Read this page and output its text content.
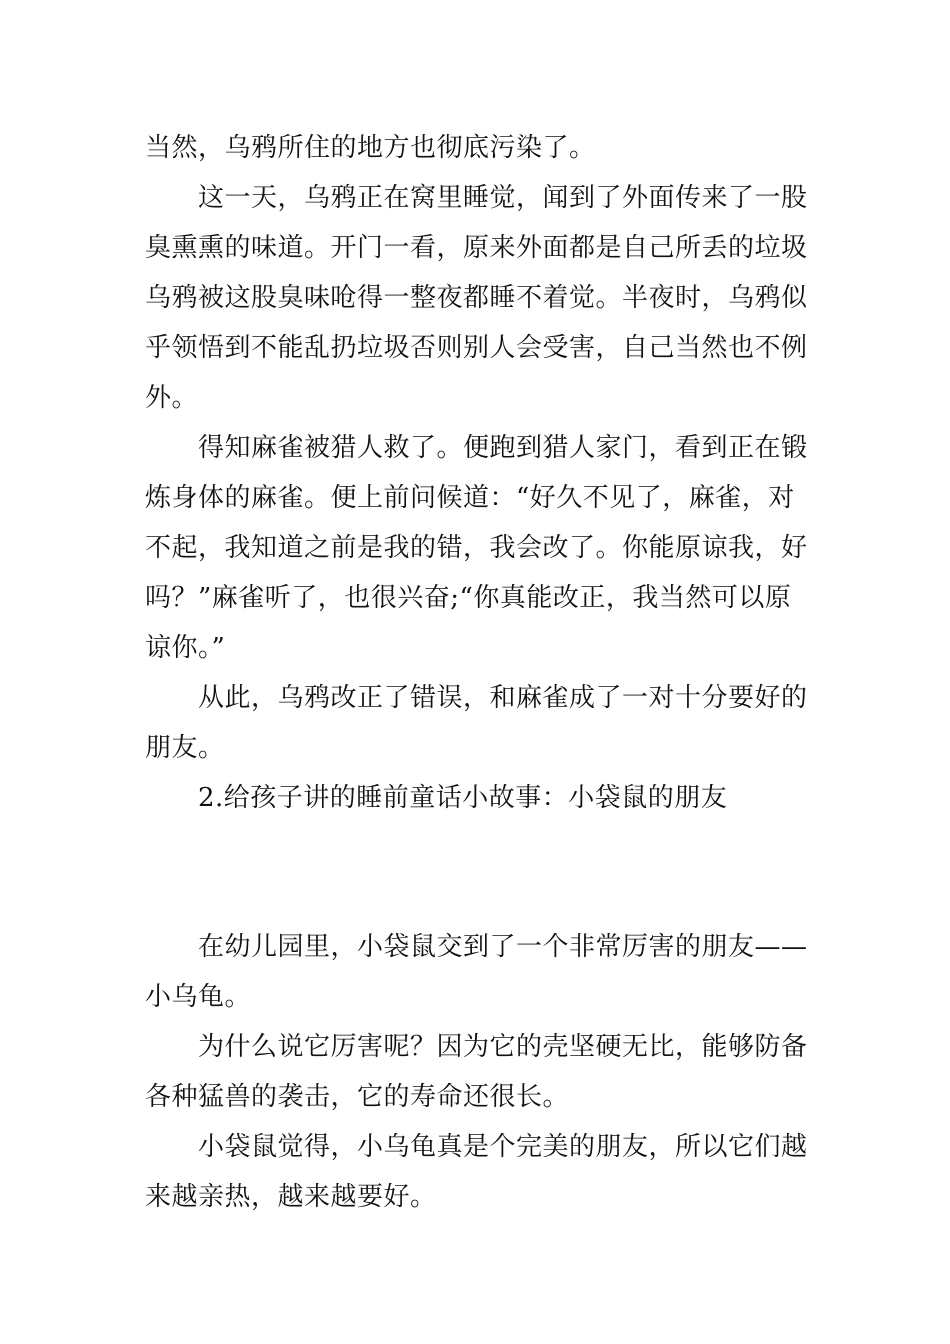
当然，乌鸦所住的地方也彻底污染了。
这一天，乌鸦正在窝里睡觉，闻到了外面传来了一股
臭熏熏的味道。开门一看，原来外面都是自己所丢的垃圾
乌鸦被这股臭味呛得一整夜都睡不着觉。半夜时，乌鸦似
乎领悟到不能乱扔垃圾否则别人会受害，自己当然也不例
外。
得知麻雀被猎人救了。便跑到猎人家门，看到正在锻
炼身体的麻雀。便上前问候道：“好久不见了，麻雀，对
不起，我知道之前是我的错，我会改了。你能原谅我，好
吗？”麻雀听了，也很兴奋;“你真能改正，我当然可以原
谅你。”
从此，乌鸦改正了错误，和麻雀成了一对十分要好的
朋友。
2.给孩子讲的睡前童话小故事：小袋鼠的朋友
在幼儿园里，小袋鼠交到了一个非常厉害的朋友——
小乌龟。
为什么说它厉害呢？因为它的壳坚硬无比，能够防备
各种猛兽的袭击，它的寿命还很长。
小袋鼠觉得，小乌龟真是个完美的朋友，所以它们越
来越亲热，越来越要好。
